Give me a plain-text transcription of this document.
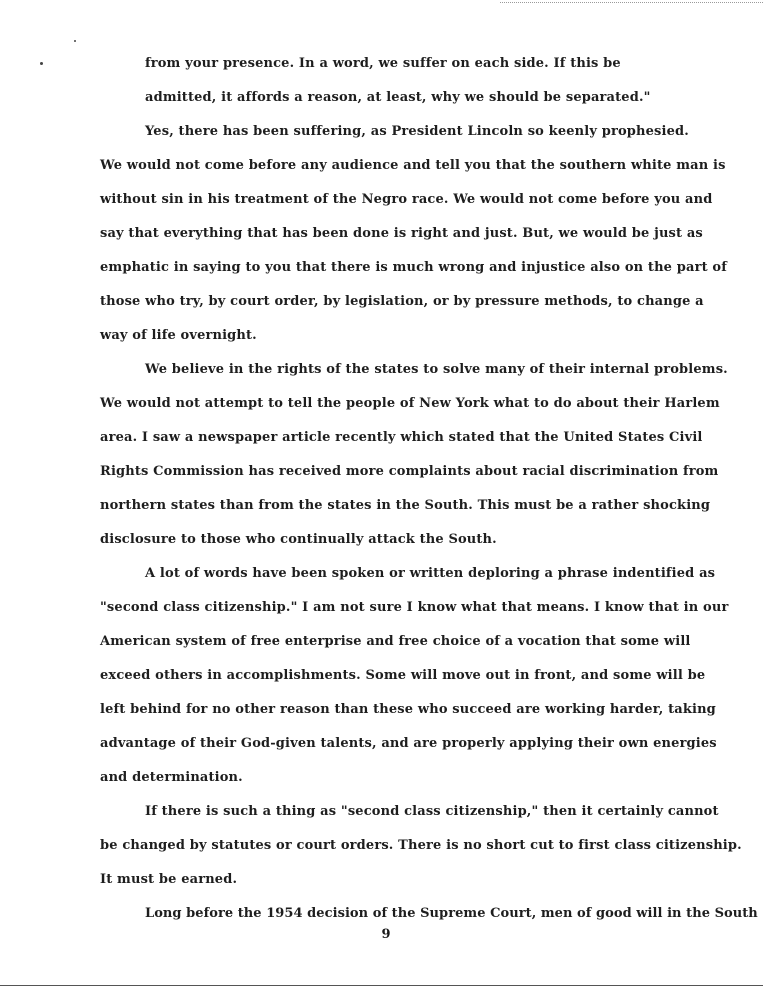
from your presence. In a word, we suffer on each side. If this be
admitted, it affords a reason, at least, why we should be separated."
Yes, there has been suffering, as President Lincoln so keenly prophesied.
We would not come before any audience and tell you that the southern white man is
without sin in his treatment of the Negro race. We would not come before you and
say that everything that has been done is right and just. But, we would be just as
emphatic in saying to you that there is much wrong and injustice also on the part of
those who try, by court order, by legislation, or by pressure methods, to change a
way of life overnight.
We believe in the rights of the states to solve many of their internal problems.
We would not attempt to tell the people of New York what to do about their Harlem
area. I saw a newspaper article recently which stated that the United States Civil
Rights Commission has received more complaints about racial discrimination from
northern states than from the states in the South. This must be a rather shocking
disclosure to those who continually attack the South.
A lot of words have been spoken or written deploring a phrase indentified as
"second class citizenship." I am not sure I know what that means. I know that in our
American system of free enterprise and free choice of a vocation that some will
exceed others in accomplishments. Some will move out in front, and some will be
left behind for no other reason than these who succeed are working harder, taking
advantage of their God-given talents, and are properly applying their own energies
and determination.
If there is such a thing as "second class citizenship," then it certainly cannot
be changed by statutes or court orders. There is no short cut to first class citizenship.
It must be earned.
Long before the 1954 decision of the Supreme Court, men of good will in the South
9
